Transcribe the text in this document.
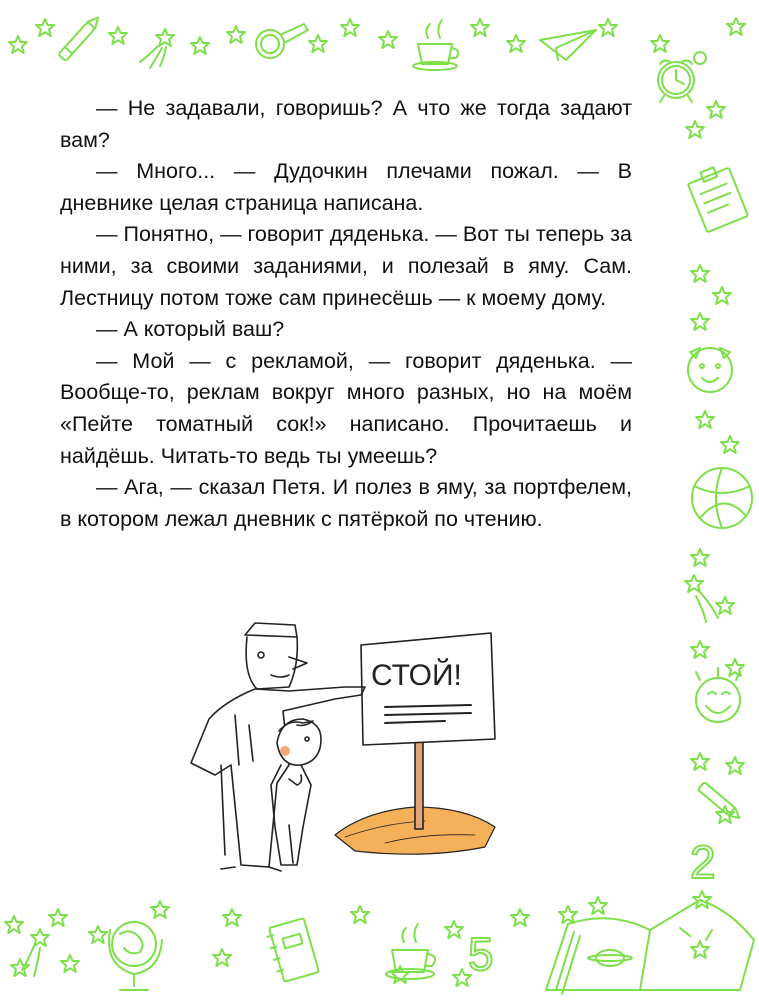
2
5

— Не задавали, говоришь? А что же тогда задают вам?

— Много... — Дудочкин плечами пожал. — В дневнике целая страница написана.

— Понятно, — говорит дяденька. — Вот ты теперь за ними, за своими заданиями, и полезай в яму. Сам. Лестницу потом тоже сам принесёшь — к моему дому.

— А который ваш?

— Мой — с рекламой, — говорит дяденька. — Вообще-то, реклам вокруг много разных, но на моём «Пейте томатный сок!» написано. Прочитаешь и найдёшь. Читать-то ведь ты умеешь?

— Ага, — сказал Петя. И полез в яму, за портфелем, в котором лежал дневник с пятёркой по чтению.

СТОЙ!
